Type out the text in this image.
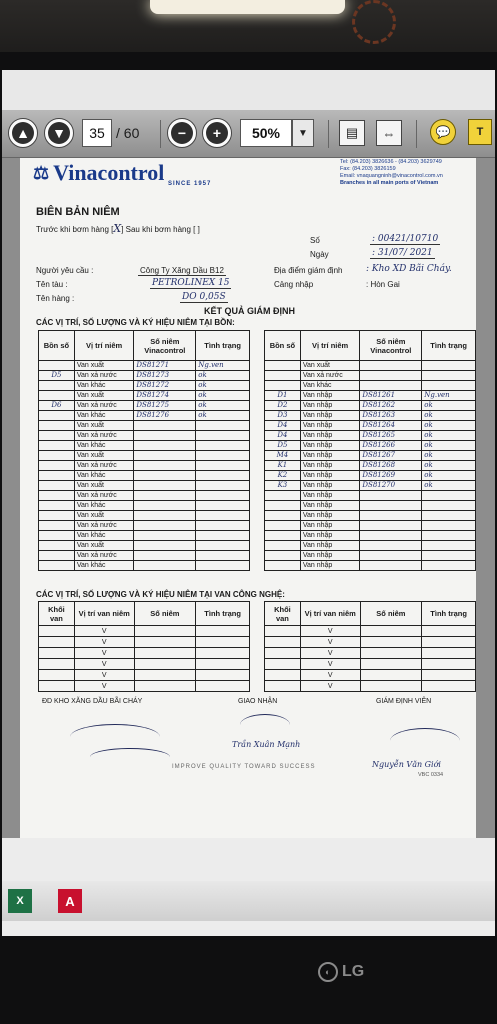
▲ ▼	35 / 60	−	+	50%	▼	▤ ⇔	💬 T
⚖ Vinacontrol SINCE 1957
Tel: (84.203) 3826636 - (84.203) 3629749
Fax: (84.203) 3826159
Email: vnaquangninh@vinacontrol.com.vn
Branches in all main ports of Vietnam
BIÊN BẢN NIÊM
Trước khi bơm hàng [X] Sau khi bơm hàng [ ]
Số	: 00421/10710
Ngày	: 31/07/ 2021
Người yêu cầu :	Công Ty Xăng Dầu B12	Địa điểm giám định	: Kho XD Bãi Cháy.
Tên tàu :	PETROLINEX 15	Cảng nhập	: Hòn Gai
Tên hàng :	DO 0,05S
KẾT QUẢ GIÁM ĐỊNH
CÁC VỊ TRÍ, SỐ LƯỢNG VÀ KÝ HIỆU NIÊM TẠI BỒN:
Bồn số	Vị trí niêm	Số niêm Vinacontrol	Tình trạng
	Van xuất	DS81271	Ng.ven
D5	Van xả nước	DS81273	ok
	Van khác	DS81272	ok
	Van xuất	DS81274	ok
D6	Van xả nước	DS81275	ok
	Van khác	DS81276	ok
	Van xuất		
	Van xả nước		
	Van khác		
	Van xuất		
	Van xả nước		
	Van khác		
	Van xuất		
	Van xả nước		
	Van khác		
	Van xuất		
	Van xả nước		
	Van khác		
	Van xuất		
	Van xả nước		
	Van khác		
Bồn số	Vị trí niêm	Số niêm Vinacontrol	Tình trạng
	Van xuất		
	Van xả nước		
	Van khác		
D1	Van nhập	DS81261	Ng.ven
D2	Van nhập	DS81262	ok
D3	Van nhập	DS81263	ok
D4	Van nhập	DS81264	ok
D4	Van nhập	DS81265	ok
D5	Van nhập	DS81266	ok
M4	Van nhập	DS81267	ok
K1	Van nhập	DS81268	ok
K2	Van nhập	DS81269	ok
K3	Van nhập	DS81270	ok
	Van nhập		
	Van nhập		
	Van nhập		
	Van nhập		
	Van nhập		
	Van nhập		
	Van nhập		
	Van nhập		
CÁC VỊ TRÍ, SỐ LƯỢNG VÀ KÝ HIỆU NIÊM TẠI VAN CÔNG NGHỆ:
Khối van	Vị trí van niêm	Số niêm	Tình trạng
	V		
	V		
	V		
	V		
	V		
	V		
Khối van	Vị trí van niêm	Số niêm	Tình trạng
	V		
	V		
	V		
	V		
	V		
	V		
ĐD KHO XĂNG DẦU BÃI CHÁY	GIAO NHẬN	GIÁM ĐỊNH VIÊN
Trần Xuân Mạnh
Nguyễn Văn Giới
VBC 0334
IMPROVE QUALITY TOWARD SUCCESS
X	A
◐ LG
